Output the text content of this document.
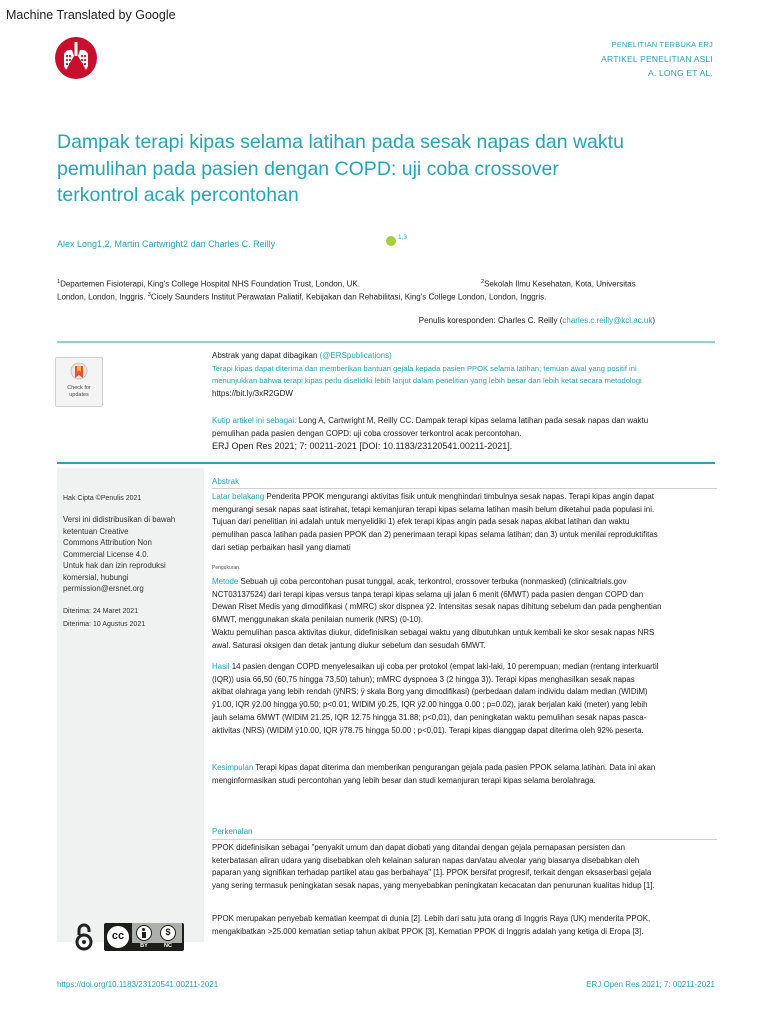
Machine Translated by Google
PENELITIAN TERBUKA ERJ
ARTIKEL PENELITIAN ASLI
A. LONG ET AL.
Dampak terapi kipas selama latihan pada sesak napas dan waktu
pemulihan pada pasien dengan COPD: uji coba crossover
terkontrol acak percontohan
Alex Long1,2, Martin Cartwright2 dan Charles C. Reilly
1,3
$^1$Departemen Fisioterapi, King's College Hospital NHS Foundation Trust, London, UK.	$^2$Sekolah Ilmu Kesehatan, Kota, Universitas
London, London, Inggris. $^3$Cicely Saunders Institut Perawatan Paliatif, Kebijakan dan Rehabilitasi, King's College London, London, Inggris.
Penulis koresponden: Charles C. Reilly (charles.c.reilly@kcl.ac.uk)
Check for
updates
Abstrak yang dapat dibagikan (@ERSpublications)
Terapi kipas dapat diterima dan memberikan bantuan gejala kepada pasien PPOK selama latihan; temuan awal yang positif ini
menunjukkan bahwa terapi kipas perlu diselidiki lebih lanjut dalam penelitian yang lebih besar dan lebih ketat secara metodologi
https://bit.ly/3xR2GDW
Kutip artikel ini sebagai: Long A, Cartwright M, Reilly CC. Dampak terapi kipas selama latihan pada sesak napas dan waktu
pemulihan pada pasien dengan COPD: uji coba crossover terkontrol acak percontohan.
ERJ Open Res 2021; 7: 00211-2021 [DOI: 10.1183/23120541.00211-2021].
Hak Cipta ©Penulis 2021
Versi ini didistribusikan di bawah
ketentuan Creative
Commons Attribution Non
Commercial License 4.0.
Untuk hak dan izin reproduksi
komersial, hubungi
permission@ersnet.org
Diterima: 24 Maret 2021
Diterima: 10 Agustus 2021
Abstrak
Latar belakang Penderita PPOK mengurangi aktivitas fisik untuk menghindari timbulnya sesak napas. Terapi kipas angin dapat
mengurangi sesak napas saat istirahat, tetapi kemanjuran terapi kipas selama latihan masih belum diketahui pada populasi ini.
Tujuan dari penelitian ini adalah untuk menyelidiki 1) efek terapi kipas angin pada sesak napas akibat latihan dan waktu
pemulihan pasca latihan pada pasien PPOK dan 2) penerimaan terapi kipas selama latihan; dan 3) untuk menilai reproduktifitas
dari setiap perbaikan hasil yang diamati
Pengukuran.
Metode Sebuah uji coba percontohan pusat tunggal, acak, terkontrol, crossover terbuka (nonmasked) (clinicaltrials.gov
NCT03137524) dari terapi kipas versus tanpa terapi kipas selama uji jalan 6 menit (6MWT) pada pasien dengan COPD dan
Dewan Riset Medis yang dimodifikasi ( mMRC) skor dispnea ÿ2. Intensitas sesak napas dihitung sebelum dan pada penghentian
6MWT, menggunakan skala penilaian numerik (NRS) (0-10).
Waktu pemulihan pasca aktivitas diukur, didefinisikan sebagai waktu yang dibutuhkan untuk kembali ke skor sesak napas NRS
awal. Saturasi oksigen dan detak jantung diukur sebelum dan sesudah 6MWT.
Hasil 14 pasien dengan COPD menyelesaikan uji coba per protokol (empat laki-laki, 10 perempuan; median (rentang interkuartil
(IQR)) usia 66,50 (60,75 hingga 73,50) tahun); mMRC dyspnoea 3 (2 hingga 3)). Terapi kipas menghasilkan sesak napas
akibat olahraga yang lebih rendah (ÿNRS; ÿ skala Borg yang dimodifikasi) (perbedaan dalam individu dalam median (WIDiM)
ÿ1.00, IQR ÿ2.00 hingga ÿ0.50; p<0.01; WIDiM ÿ0.25, IQR ÿ2.00 hingga 0.00 ; p=0.02), jarak berjalan kaki (meter) yang lebih
jauh selama 6MWT (WIDiM 21.25, IQR 12.75 hingga 31.88; p<0,01), dan peningkatan waktu pemulihan sesak napas pasca-
aktivitas (NRS) (WIDiM ÿ10.00, IQR ÿ78.75 hingga 50.00 ; p<0,01). Terapi kipas dianggap dapat diterima oleh 92% peserta.
Kesimpulan Terapi kipas dapat diterima dan memberikan pengurangan gejala pada pasien PPOK selama latihan. Data ini akan
menginformasikan studi percontohan yang lebih besar dan studi kemanjuran terapi kipas selama berolahraga.
Perkenalan
PPOK didefinisikan sebagai "penyakit umum dan dapat diobati yang ditandai dengan gejala pernapasan persisten dan
keterbatasan aliran udara yang disebabkan oleh kelainan saluran napas dan/atau alveolar yang biasanya disebabkan oleh
paparan yang signifikan terhadap partikel atau gas berbahaya" [1]. PPOK bersifat progresif, terkait dengan eksaserbasi gejala
yang sering termasuk peningkatan sesak napas, yang menyebabkan peningkatan kecacatan dan penurunan kualitas hidup [1].
PPOK merupakan penyebab kematian keempat di dunia [2]. Lebih dari satu juta orang di Inggris Raya (UK) menderita PPOK,
mengakibatkan >25.000 kematian setiap tahun akibat PPOK [3]. Kematian PPOK di Inggris adalah yang ketiga di Eropa [3].
cc	$
BY	NC
https://doi.org/10.1183/23120541.00211-2021	ERJ Open Res 2021; 7: 00211-2021
